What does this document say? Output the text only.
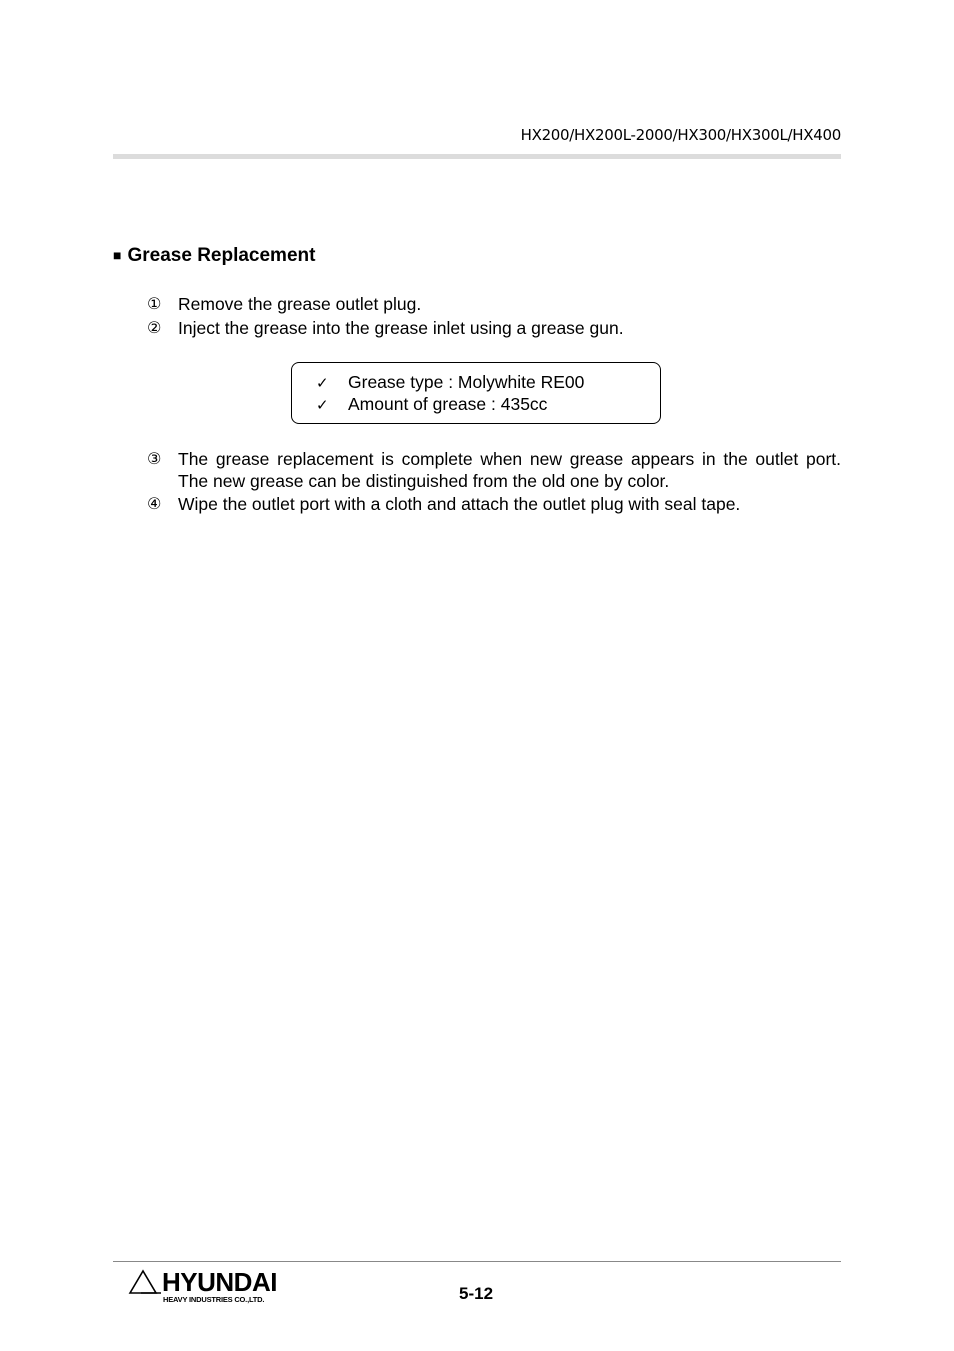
HX200/HX200L-2000/HX300/HX300L/HX400
■ Grease Replacement
① Remove the grease outlet plug.
② Inject the grease into the grease inlet using a grease gun.
✓ Grease type : Molywhite RE00
✓ Amount of grease : 435cc
③ The grease replacement is complete when new grease appears in the outlet port. The new grease can be distinguished from the old one by color.
④ Wipe the outlet port with a cloth and attach the outlet plug with seal tape.
HYUNDAI
HEAVY INDUSTRIES CO.,LTD.	5-12
